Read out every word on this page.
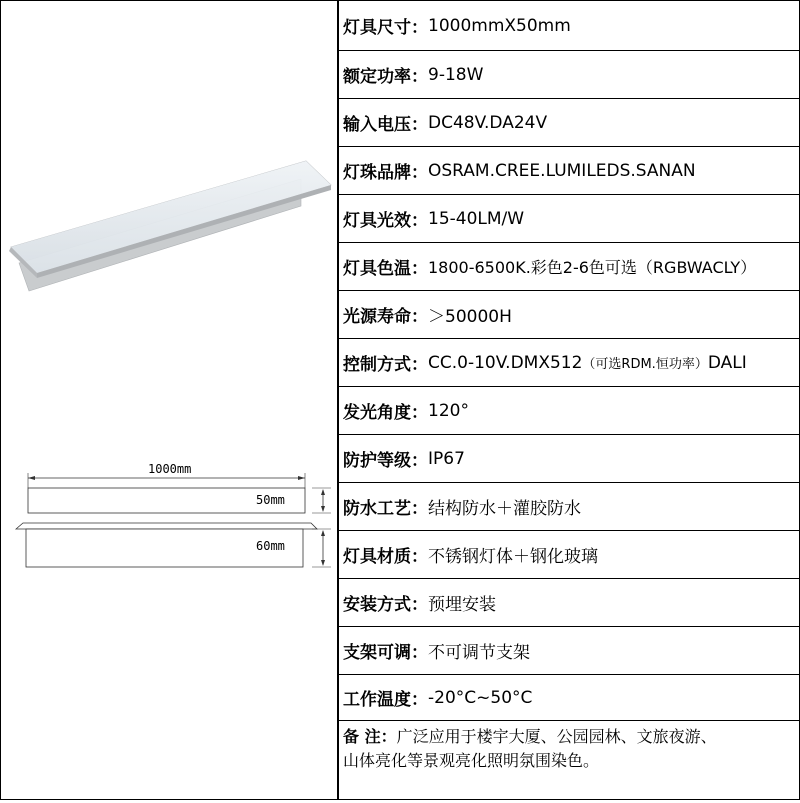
1000mm
50mm
60mm
灯具尺寸： 1000mmX50mm
额定功率： 9-18W
输入电压： DC48V.DA24V
灯珠品牌： OSRAM.CREE.LUMILEDS.SANAN
灯具光效： 15-40LM/W
灯具色温： 1800-6500K.彩色2-6色可选（RGBWACLY）
光源寿命： ＞50000H
控制方式： CC.0-10V.DMX512 （可选RDM.恒功率） DALI
发光角度： 120°
防护等级： IP67
防水工艺： 结构防水＋灌胶防水
灯具材质： 不锈钢灯体＋钢化玻璃
安装方式： 预埋安装
支架可调： 不可调节支架
工作温度： -20°C~50°C
备 注：广泛应用于楼宇大厦、公园园林、文旅夜游、
山体亮化等景观亮化照明氛围染色。
